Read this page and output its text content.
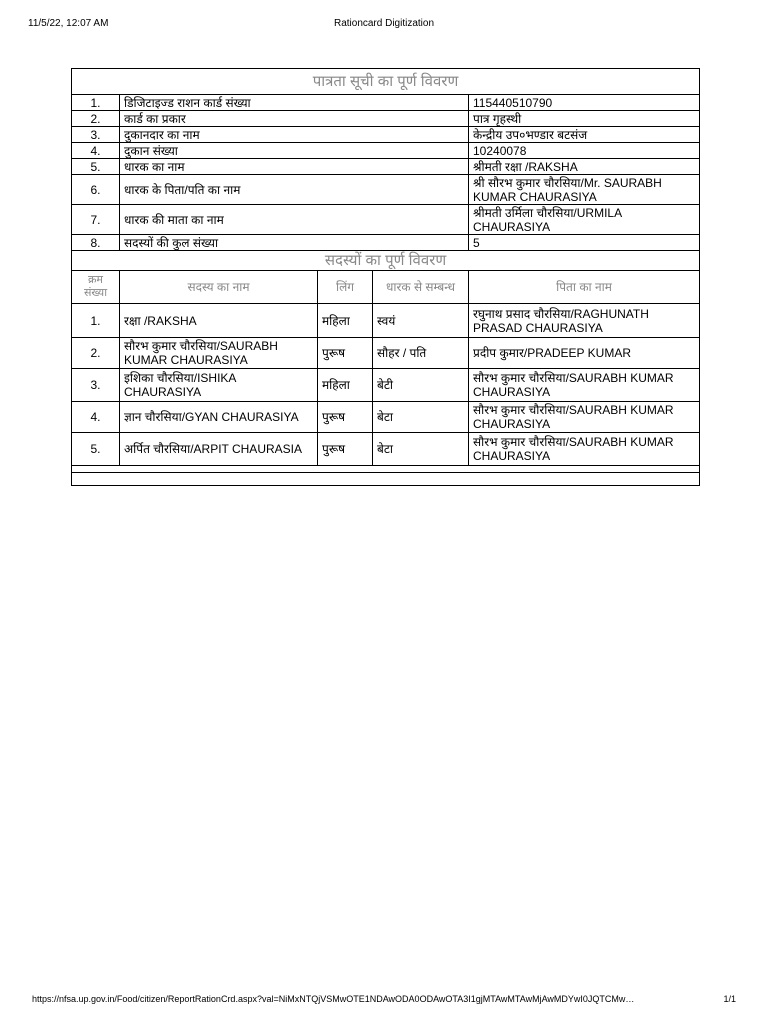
11/5/22, 12:07 AM	Rationcard Digitization
पात्रता सूची का पूर्ण विवरण				
1.	डिजिटाइज्ड राशन कार्ड संख्या			115440510790
2.	कार्ड का प्रकार			पात्र गृहस्थी
3.	दुकानदार का नाम			केन्द्रीय उप०भण्डार बटसंज
4.	दुकान संख्या			10240078
5.	धारक का नाम			श्रीमती रक्षा /RAKSHA
6.	धारक के पिता/पति का नाम			श्री सौरभ कुमार चौरसिया/Mr. SAURABH KUMAR CHAURASIYA
7.	धारक की माता का नाम			श्रीमती उर्मिला चौरसिया/URMILA CHAURASIYA
8.	सदस्यों की कुल संख्या			5
सदस्यों का पूर्ण विवरण				
क्रम संख्या	सदस्य का नाम	लिंग	धारक से सम्बन्ध	पिता का नाम
1.	रक्षा /RAKSHA	महिला	स्वयं	रघुनाथ प्रसाद चौरसिया/RAGHUNATH PRASAD CHAURASIYA
2.	सौरभ कुमार चौरसिया/SAURABH KUMAR CHAURASIYA	पुरूष	सौहर / पति	प्रदीप कुमार/PRADEEP KUMAR
3.	इशिका चौरसिया/ISHIKA CHAURASIYA	महिला	बेटी	सौरभ कुमार चौरसिया/SAURABH KUMAR CHAURASIYA
4.	ज्ञान चौरसिया/GYAN CHAURASIYA	पुरूष	बेटा	सौरभ कुमार चौरसिया/SAURABH KUMAR CHAURASIYA
5.	अर्पित चौरसिया/ARPIT CHAURASIA	पुरूष	बेटा	सौरभ कुमार चौरसिया/SAURABH KUMAR CHAURASIYA

https://nfsa.up.gov.in/Food/citizen/ReportRationCrd.aspx?val=NiMxNTQjVSMwOTE1NDAwODA0ODAwOTA3I1gjMTAwMTAwMjAwMDYwI0JQTCMw…	1/1
